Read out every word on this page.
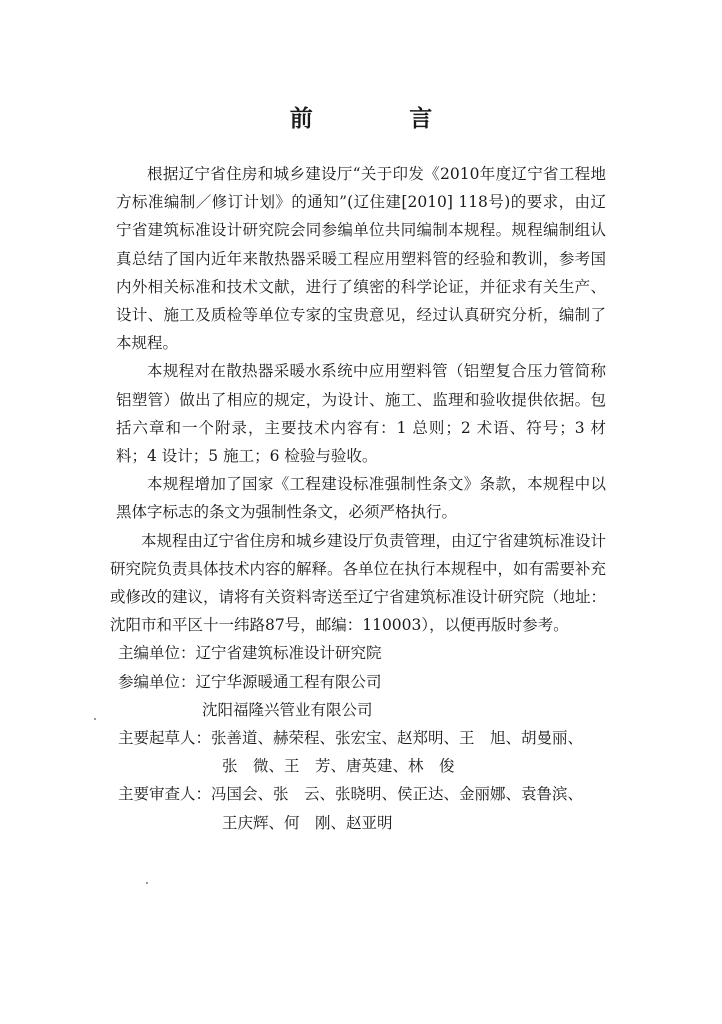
前　言

根据辽宁省住房和城乡建设厅“关于印发《2010年度辽宁省工程地方标准编制／修订计划》的通知”(辽住建[2010] 118号)的要求，由辽宁省建筑标准设计研究院会同参编单位共同编制本规程。规程编制组认真总结了国内近年来散热器采暖工程应用塑料管的经验和教训，参考国内外相关标准和技术文献，进行了缜密的科学论证，并征求有关生产、设计、施工及质检等单位专家的宝贵意见，经过认真研究分析，编制了本规程。

本规程对在散热器采暖水系统中应用塑料管（铝塑复合压力管简称铝塑管）做出了相应的规定，为设计、施工、监理和验收提供依据。包括六章和一个附录，主要技术内容有：1 总则；2 术语、符号；3 材料；4 设计；5 施工；6 检验与验收。

本规程增加了国家《工程建设标准强制性条文》条款，本规程中以黑体字标志的条文为强制性条文，必须严格执行。

本规程由辽宁省住房和城乡建设厅负责管理，由辽宁省建筑标准设计研究院负责具体技术内容的解释。各单位在执行本规程中，如有需要补充或修改的建议，请将有关资料寄送至辽宁省建筑标准设计研究院（地址：沈阳市和平区十一纬路87号，邮编：110003），以便再版时参考。

主编单位： 辽宁省建筑标准设计研究院
参编单位： 辽宁华源暖通工程有限公司
沈阳福隆兴管业有限公司
主要起草人： 张善道、赫荣程、张宏宝、赵郑明、王　旭、胡曼丽、
张　微、王　芳、唐英建、林　俊
主要审查人： 冯国会、张　云、张晓明、侯正达、金丽娜、袁鲁滨、
王庆辉、何　刚、赵亚明
